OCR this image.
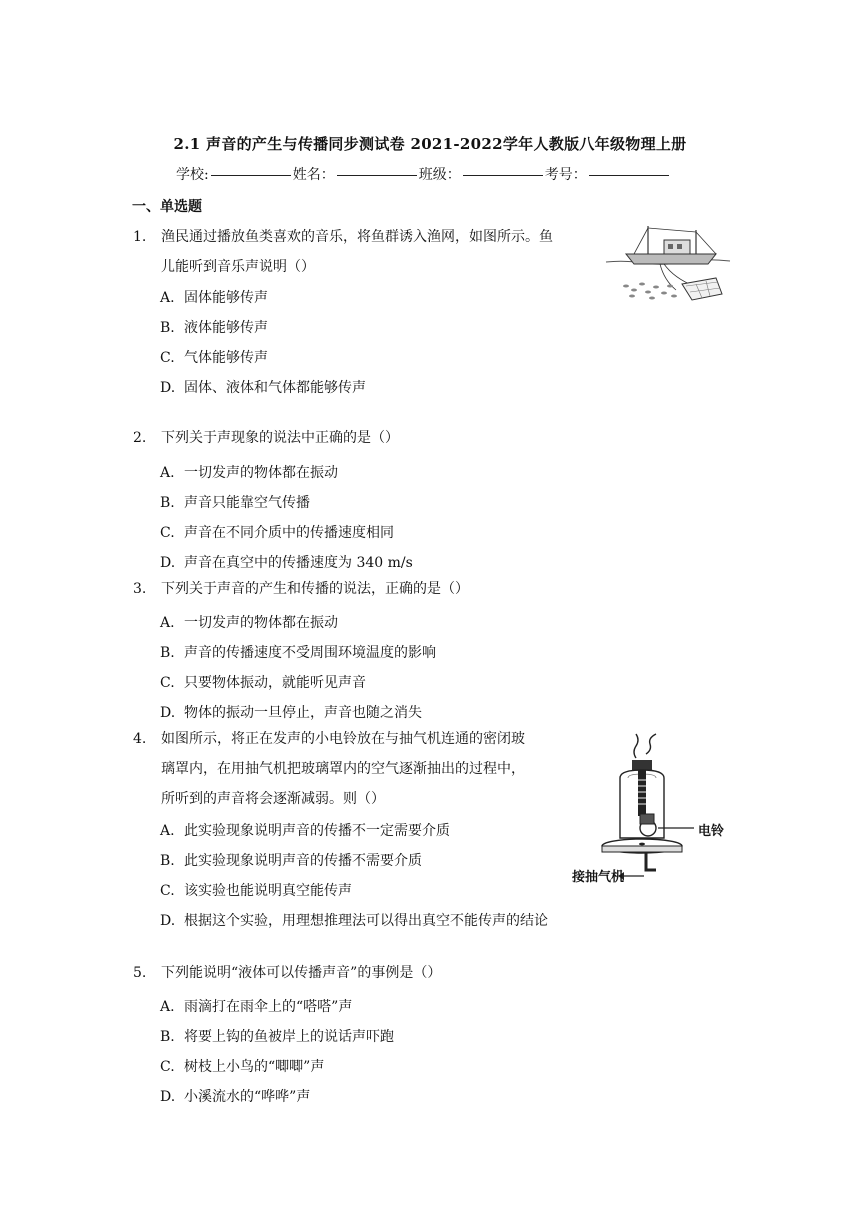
2.1 声音的产生与传播同步测试卷 2021-2022学年人教版八年级物理上册
学校:	姓名：	班级：	考号：
一、单选题
1. 渔民通过播放鱼类喜欢的音乐，将鱼群诱入渔网，如图所示。鱼
儿能听到音乐声说明（）
A. 固体能够传声
B. 液体能够传声
C. 气体能够传声
D. 固体、液体和气体都能够传声
2. 下列关于声现象的说法中正确的是（）
A. 一切发声的物体都在振动
B. 声音只能靠空气传播
C. 声音在不同介质中的传播速度相同
D. 声音在真空中的传播速度为 340 m/s
3. 下列关于声音的产生和传播的说法，正确的是（）
A. 一切发声的物体都在振动
B. 声音的传播速度不受周围环境温度的影响
C. 只要物体振动，就能听见声音
D. 物体的振动一旦停止，声音也随之消失
4. 如图所示，将正在发声的小电铃放在与抽气机连通的密闭玻
璃罩内，在用抽气机把玻璃罩内的空气逐渐抽出的过程中，
所听到的声音将会逐渐减弱。则（）
A. 此实验现象说明声音的传播不一定需要介质
B. 此实验现象说明声音的传播不需要介质
C. 该实验也能说明真空能传声
D. 根据这个实验，用理想推理法可以得出真空不能传声的结论
5. 下列能说明“液体可以传播声音”的事例是（）
A. 雨滴打在雨伞上的“嗒嗒”声
B. 将要上钩的鱼被岸上的说话声吓跑
C. 树枝上小鸟的“唧唧”声
D. 小溪流水的“哗哗”声
电铃
接抽气机
